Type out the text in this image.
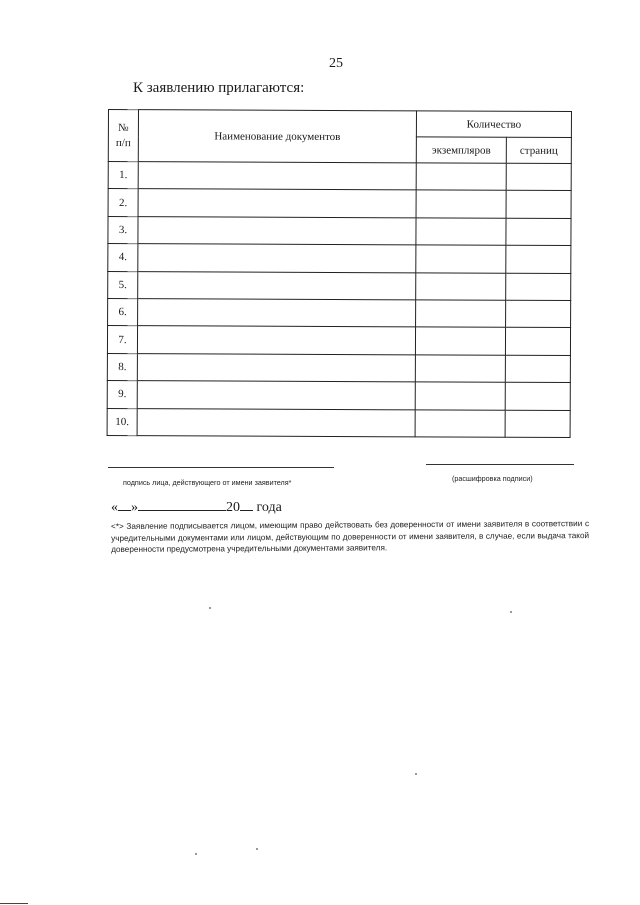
25
К заявлению прилагаются:
№
п/п	Наименование документов	Количество	
		экземпляров	страниц
1.			
2.			
3.			
4.			
5.			
6.			
7.			
8.			
9.			
10.			
подпись лица, действующего от имени заявителя*	(расшифровка подписи)
« »	20 года
<*> Заявление подписывается лицом, имеющим право действовать без доверенности от имени заявителя в соответствии с учредительными документами или лицом, действующим по доверенности от имени заявителя, в случае, если выдача такой доверенности предусмотрена учредительными документами заявителя.
